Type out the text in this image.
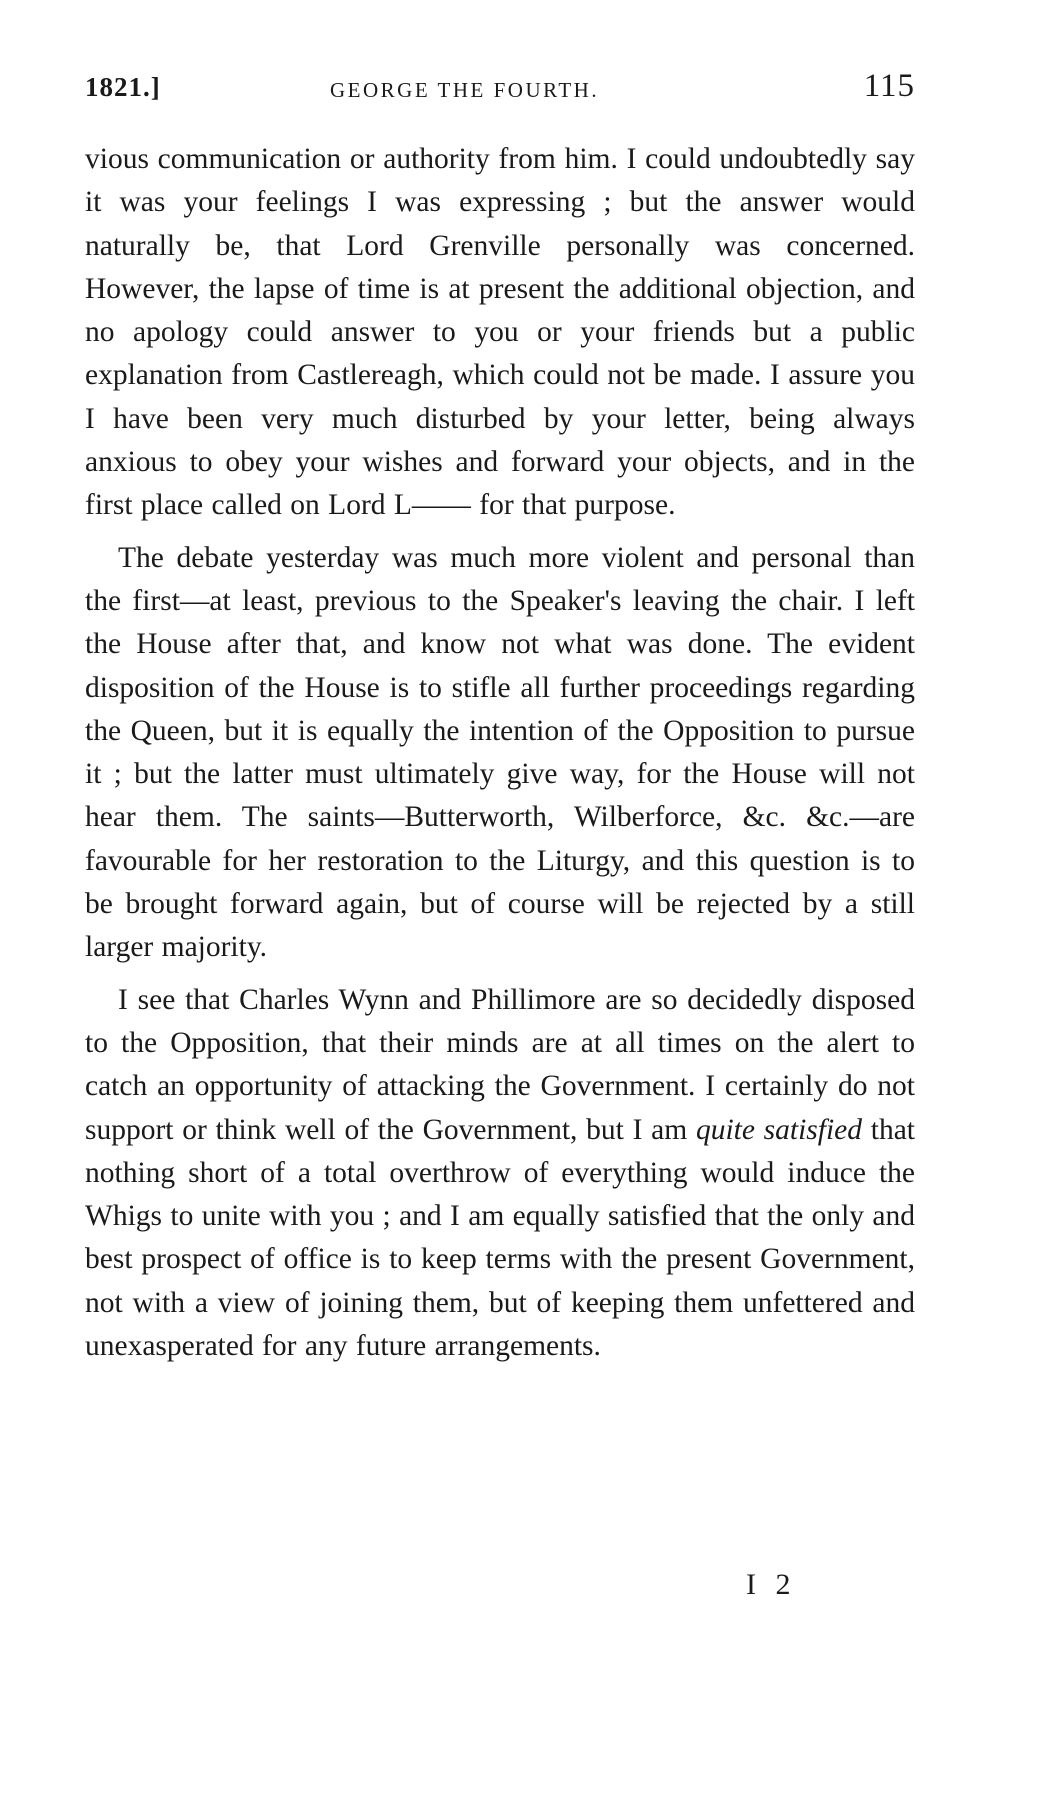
1821.]	GEORGE THE FOURTH.	115

vious communication or authority from him. I could undoubtedly say it was your feelings I was expressing ; but the answer would naturally be, that Lord Grenville personally was concerned. However, the lapse of time is at present the additional objection, and no apology could answer to you or your friends but a public explanation from Castlereagh, which could not be made. I assure you I have been very much disturbed by your letter, being always anxious to obey your wishes and forward your objects, and in the first place called on Lord L—— for that purpose.

The debate yesterday was much more violent and personal than the first—at least, previous to the Speaker's leaving the chair. I left the House after that, and know not what was done. The evident disposition of the House is to stifle all further proceedings regarding the Queen, but it is equally the intention of the Opposition to pursue it ; but the latter must ultimately give way, for the House will not hear them. The saints—Butterworth, Wilberforce, &c. &c.—are favourable for her restoration to the Liturgy, and this question is to be brought forward again, but of course will be rejected by a still larger majority.

I see that Charles Wynn and Phillimore are so decidedly disposed to the Opposition, that their minds are at all times on the alert to catch an opportunity of attacking the Government. I certainly do not support or think well of the Government, but I am quite satisfied that nothing short of a total overthrow of everything would induce the Whigs to unite with you ; and I am equally satisfied that the only and best prospect of office is to keep terms with the present Government, not with a view of joining them, but of keeping them unfettered and unexasperated for any future arrangements.

I 2
